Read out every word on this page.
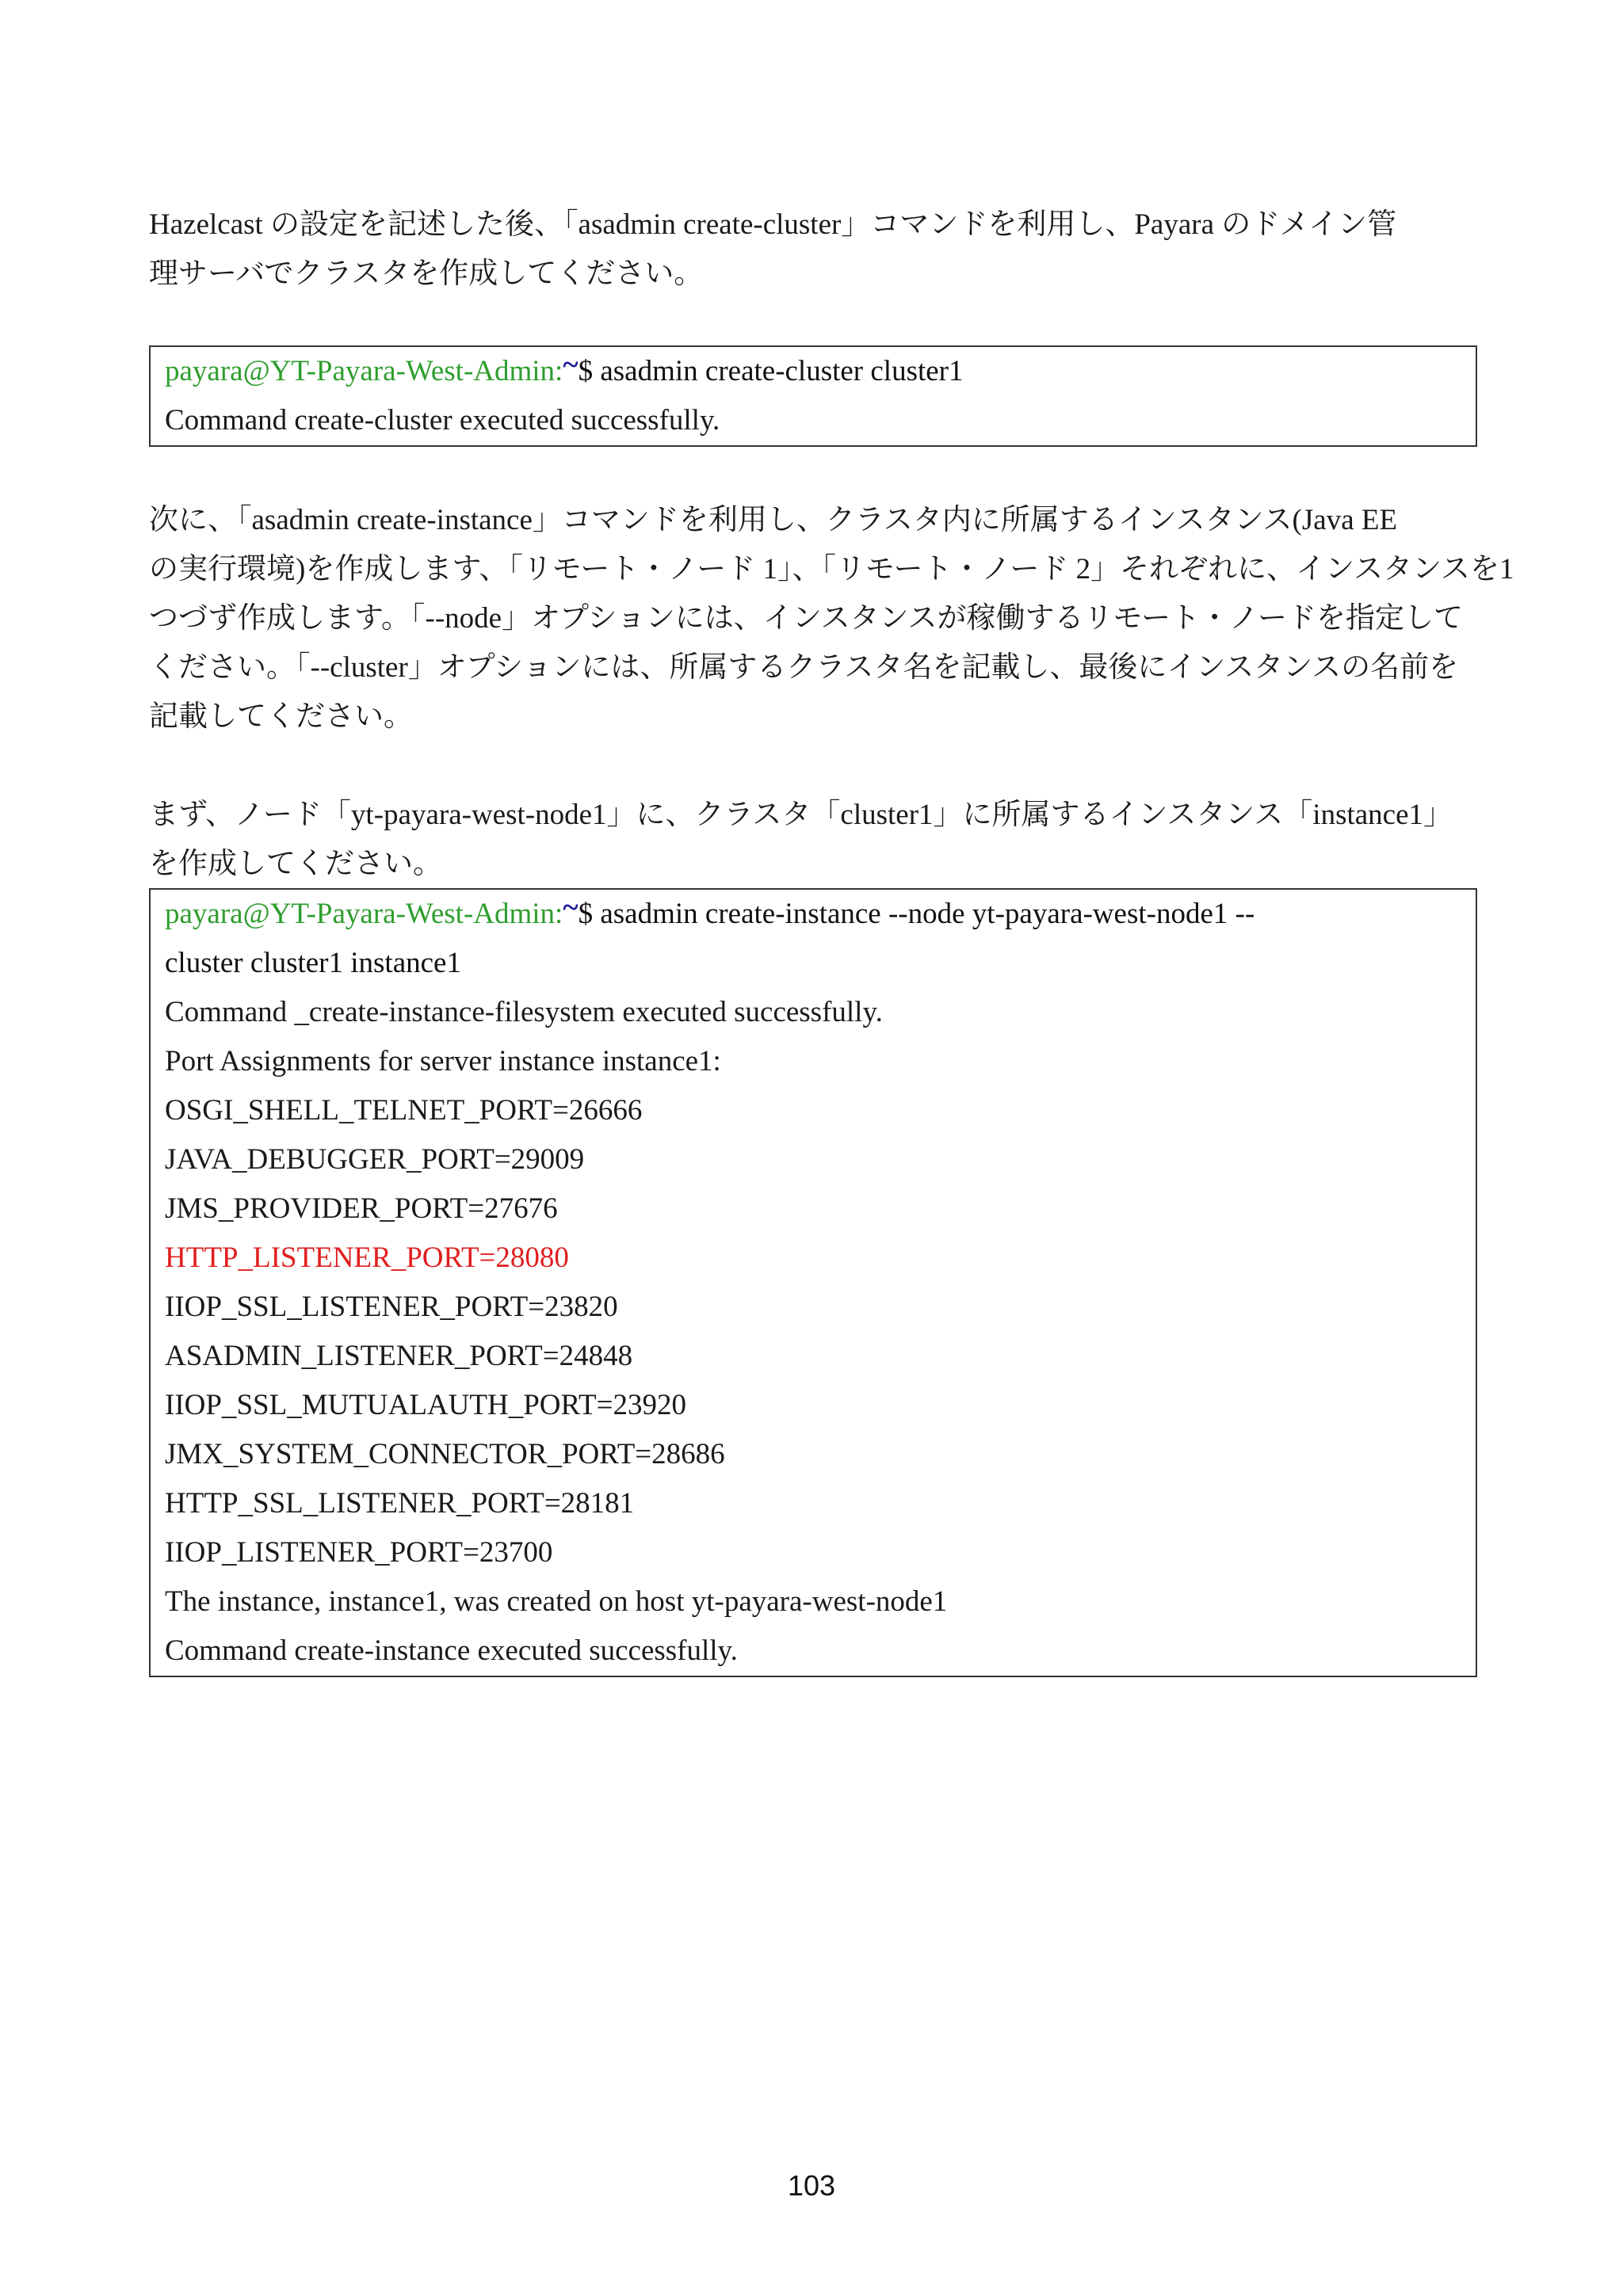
Hazelcast の設定を記述した後、「asadmin create-cluster」コマンドを利用し、Payara のドメイン管
理サーバでクラスタを作成してください。
payara@YT-Payara-West-Admin:~$ asadmin create-cluster cluster1
Command create-cluster executed successfully.
次に、「asadmin create-instance」コマンドを利用し、クラスタ内に所属するインスタンス(Java EE
の実行環境)を作成します、「リモート・ノード 1」、「リモート・ノード 2」それぞれに、インスタンスを1
つづず作成します。「--node」オプションには、インスタンスが稼働するリモート・ノードを指定して
ください。「--cluster」オプションには、所属するクラスタ名を記載し、最後にインスタンスの名前を
記載してください。
まず、ノード「yt-payara-west-node1」に、クラスタ「cluster1」に所属するインスタンス「instance1」
を作成してください。
payara@YT-Payara-West-Admin:~$ asadmin create-instance --node yt-payara-west-node1 --
cluster cluster1 instance1
Command _create-instance-filesystem executed successfully.
Port Assignments for server instance instance1:
OSGI_SHELL_TELNET_PORT=26666
JAVA_DEBUGGER_PORT=29009
JMS_PROVIDER_PORT=27676
HTTP_LISTENER_PORT=28080
IIOP_SSL_LISTENER_PORT=23820
ASADMIN_LISTENER_PORT=24848
IIOP_SSL_MUTUALAUTH_PORT=23920
JMX_SYSTEM_CONNECTOR_PORT=28686
HTTP_SSL_LISTENER_PORT=28181
IIOP_LISTENER_PORT=23700
The instance, instance1, was created on host yt-payara-west-node1
Command create-instance executed successfully.
103
